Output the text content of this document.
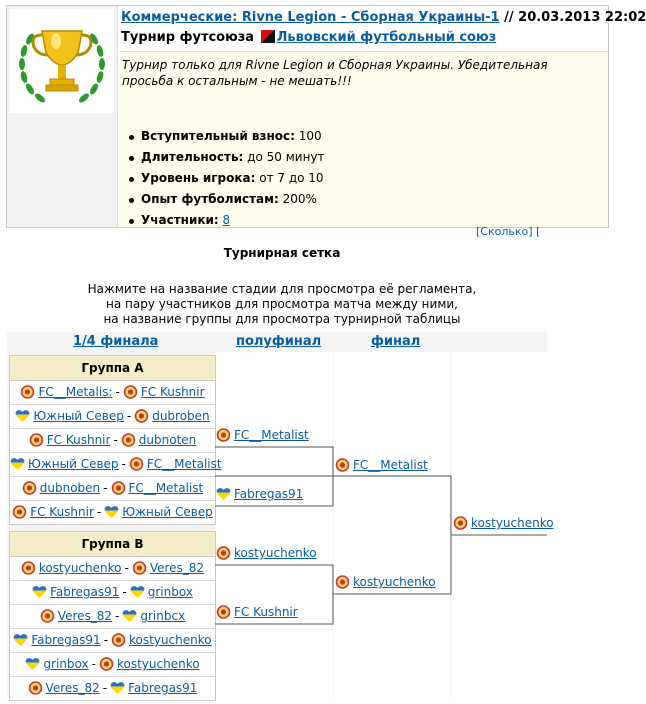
Коммерческие: Rivne Legion - Сборная Украины-1 // 20.03.2013 22:02
Турнир футсоюза Львовский футбольный союз
Турнир только для Rivne Legion и Сборная Украины. Убедительная просьба к остальным - не мешать!!!
Вступительный взнос: 100
Длительность: до 50 минут
Уровень игрока: от 7 до 10
Опыт футболистам: 200%
Участники: 8
[Сколько] [
Турнирная сетка
Нажмите на название стадии для просмотра её регламента,
на пару участников для просмотра матча между ними,
на название группы для просмотра турнирной таблицы
1/4 финала	полуфинал	финал
Группа А
FC__Metalis: - FC Kushnir
Южный Север - dubroben
FC Kushnir - dubnoten
Южный Север - FC__Metalist
dubnoben - FC__Metalist
FC Kushnir - Южный Север
Группа В
kostyuchenko - Veres_82
Fabregas91 - grinbox
Veres_82 - grinbcx
Fabregas91 - kostyuchenko
grinbox - kostyuchenko
Veres_82 - Fabregas91
FC__Metalist
Fabregas91
kostyuchenko
FC Kushnir
FC__Metalist
kostyuchenko
kostyuchenko
